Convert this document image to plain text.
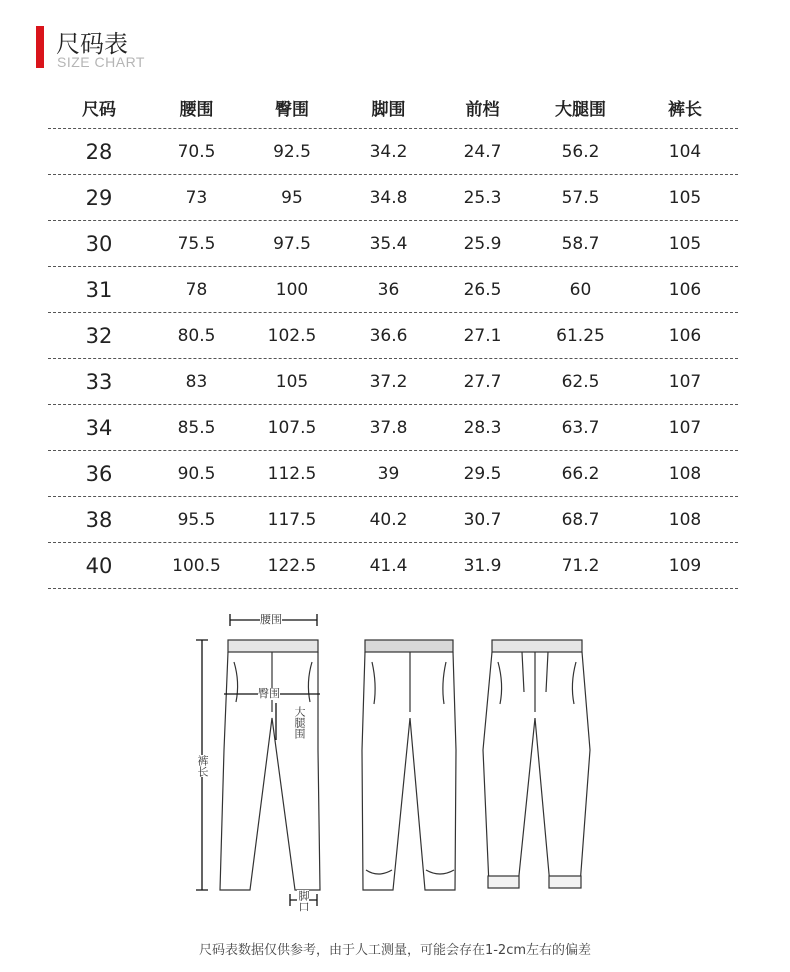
尺码表
SIZE CHART
尺码	腰围	臀围	脚围	前档	大腿围	裤长
28	70.5	92.5	34.2	24.7	56.2	104
29	73	95	34.8	25.3	57.5	105
30	75.5	97.5	35.4	25.9	58.7	105
31	78	100	36	26.5	60	106
32	80.5	102.5	36.6	27.1	61.25	106
33	83	105	37.2	27.7	62.5	107
34	85.5	107.5	37.8	28.3	63.7	107
36	90.5	112.5	39	29.5	66.2	108
38	95.5	117.5	40.2	30.7	68.7	108
40	100.5	122.5	41.4	31.9	71.2	109
腰围
臀围
大腿围
裤长
脚口
尺码表数据仅供参考，由于人工测量，可能会存在1-2cm左右的偏差
